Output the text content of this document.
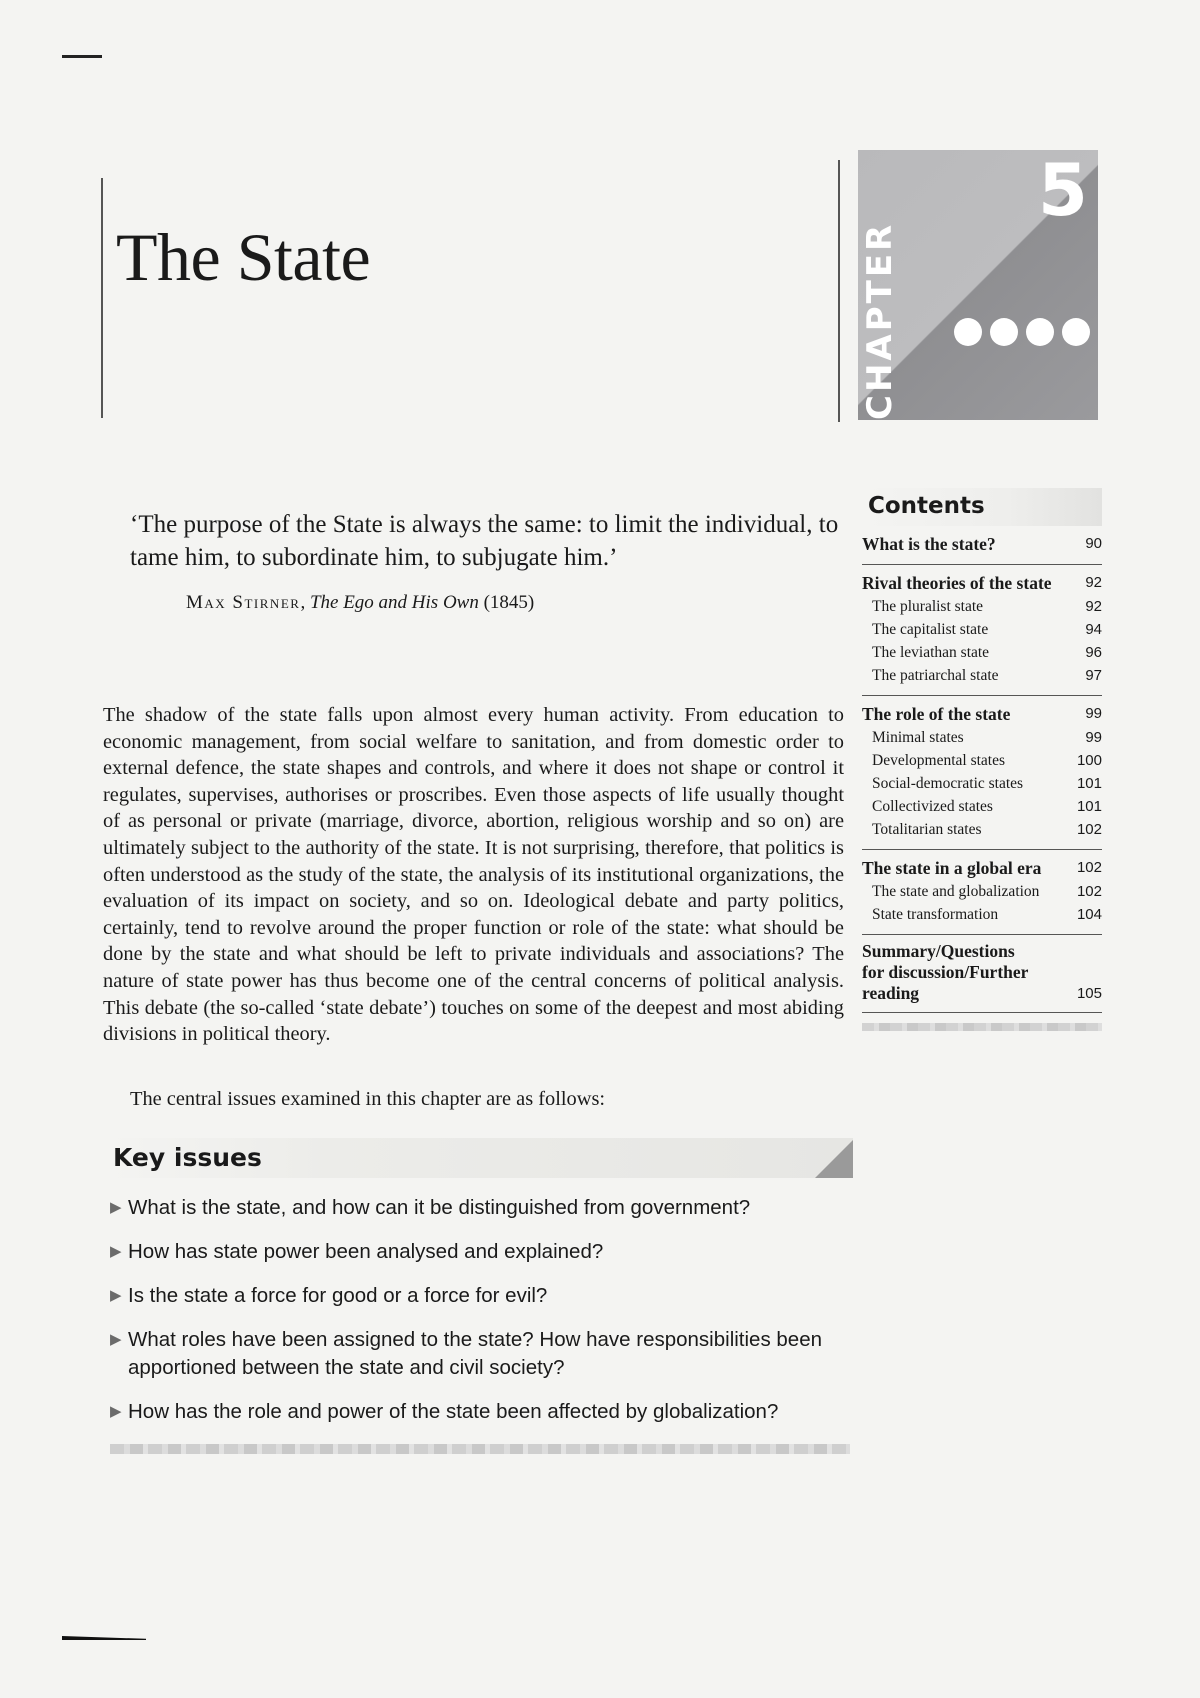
The State
5
CHAPTER

‘The purpose of the State is always the same: to limit the individual, to tame him, to subordinate him, to subjugate him.’

Max Stirner, The Ego and His Own (1845)

The shadow of the state falls upon almost every human activity. From education to economic management, from social welfare to sanitation, and from domestic order to external defence, the state shapes and controls, and where it does not shape or control it regulates, supervises, authorises or proscribes. Even those aspects of life usually thought of as personal or private (marriage, divorce, abortion, religious worship and so on) are ultimately subject to the authority of the state. It is not surprising, therefore, that politics is often understood as the study of the state, the analysis of its institutional organizations, the evaluation of its impact on society, and so on. Ideological debate and party politics, certainly, tend to revolve around the proper function or role of the state: what should be done by the state and what should be left to private individuals and associations? The nature of state power has thus become one of the central concerns of political analysis. This debate (the so-called ‘state debate’) touches on some of the deepest and most abiding divisions in political theory.

The central issues examined in this chapter are as follows:

Key issues
▶ What is the state, and how can it be distinguished from government?
▶ How has state power been analysed and explained?
▶ Is the state a force for good or a force for evil?
▶ What roles have been assigned to the state? How have responsibilities been apportioned between the state and civil society?
▶ How has the role and power of the state been affected by globalization?
Contents
What is the state?	90
Rival theories of the state 92
The pluralist state	92
The capitalist state	94
The leviathan state	96
The patriarchal state	97
The role of the state	99
Minimal states	99
Developmental states	100
Social-democratic states	101
Collectivized states	101
Totalitarian states	102
The state in a global era 102
The state and globalization	102
State transformation	104
Summary/Questions for discussion/Further reading	105
